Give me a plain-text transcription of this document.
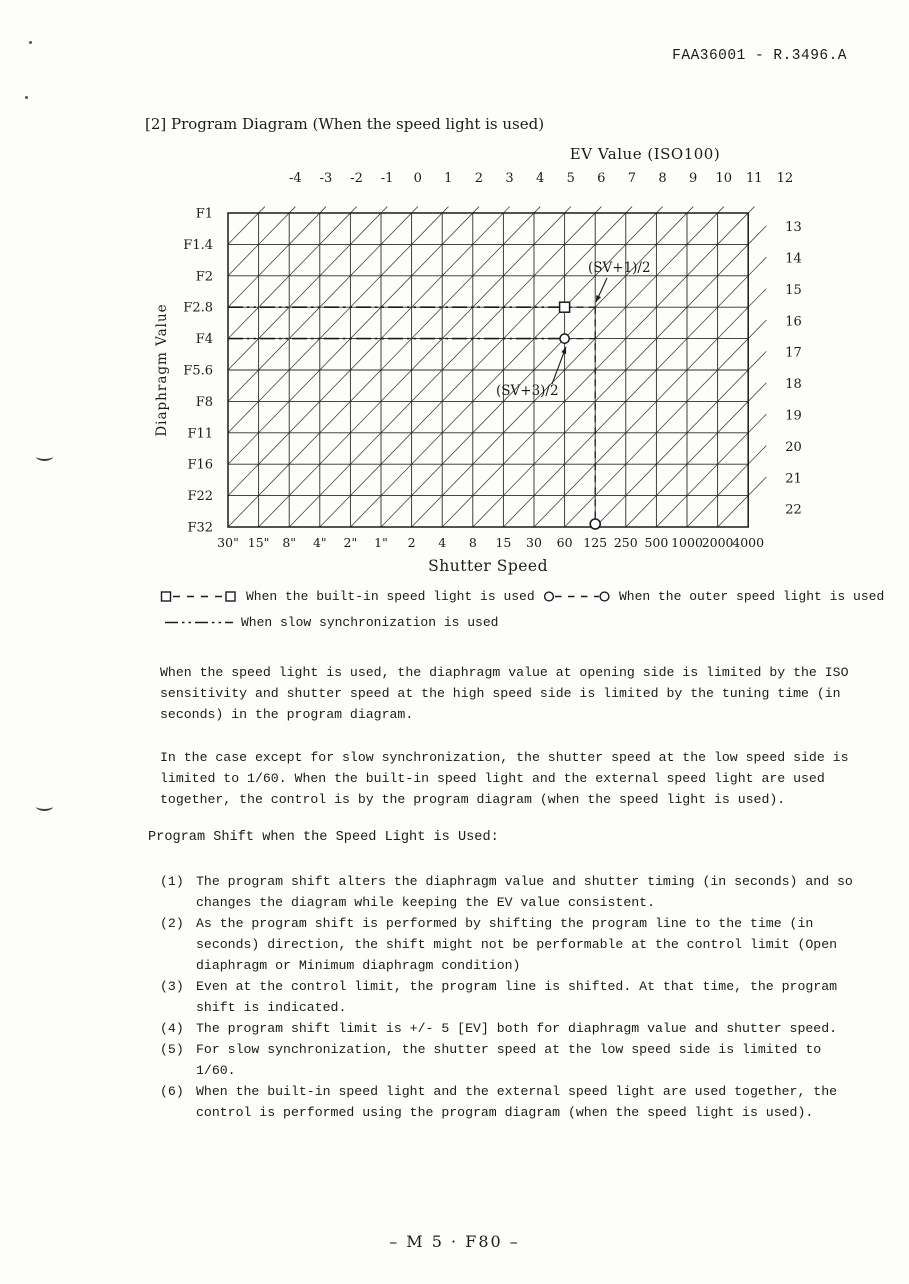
FAA36001 - R.3496.A
[2] Program Diagram (When the speed light is used)
EV Value (ISO100)
-4 -3 -2 -1 0 1 2 3 4 5 6 7 8 9 10 11 12
13
14
15
16
17
18
19
20
21
22
F1
F1.4
F2
F2.8
F4
F5.6
F8
F11
F16
F22
F32
30" 15" 8" 4" 2" 1" 2 4 8 15 30 60 125 250 500 1000
2000
4000
Shutter Speed
Diaphragm Value
(SV+1)/2
(SV+3)/2
When the built-in speed light is used	When the outer speed light is used
When slow synchronization is used

When the speed light is used, the diaphragm value at opening side is limited by the ISO sensitivity and shutter speed at the high speed side is limited by the tuning time (in seconds) in the program diagram.

In the case except for slow synchronization, the shutter speed at the low speed side is limited to 1/60. When the built-in speed light and the external speed light are used together, the control is by the program diagram (when the speed light is used).

Program Shift when the Speed Light is Used:
(1) The program shift alters the diaphragm value and shutter timing (in seconds) and so changes the diagram while keeping the EV value consistent.
(2) As the program shift is performed by shifting the program line to the time (in seconds) direction, the shift might not be performable at the control limit (Open diaphragm or Minimum diaphragm condition)
(3) Even at the control limit, the program line is shifted. At that time, the program shift is indicated.
(4) The program shift limit is +/- 5 [EV] both for diaphragm value and shutter speed.
(5) For slow synchronization, the shutter speed at the low speed side is limited to 1/60.
(6) When the built-in speed light and the external speed light are used together, the control is performed using the program diagram (when the speed light is used).
– M 5 · F80 –
